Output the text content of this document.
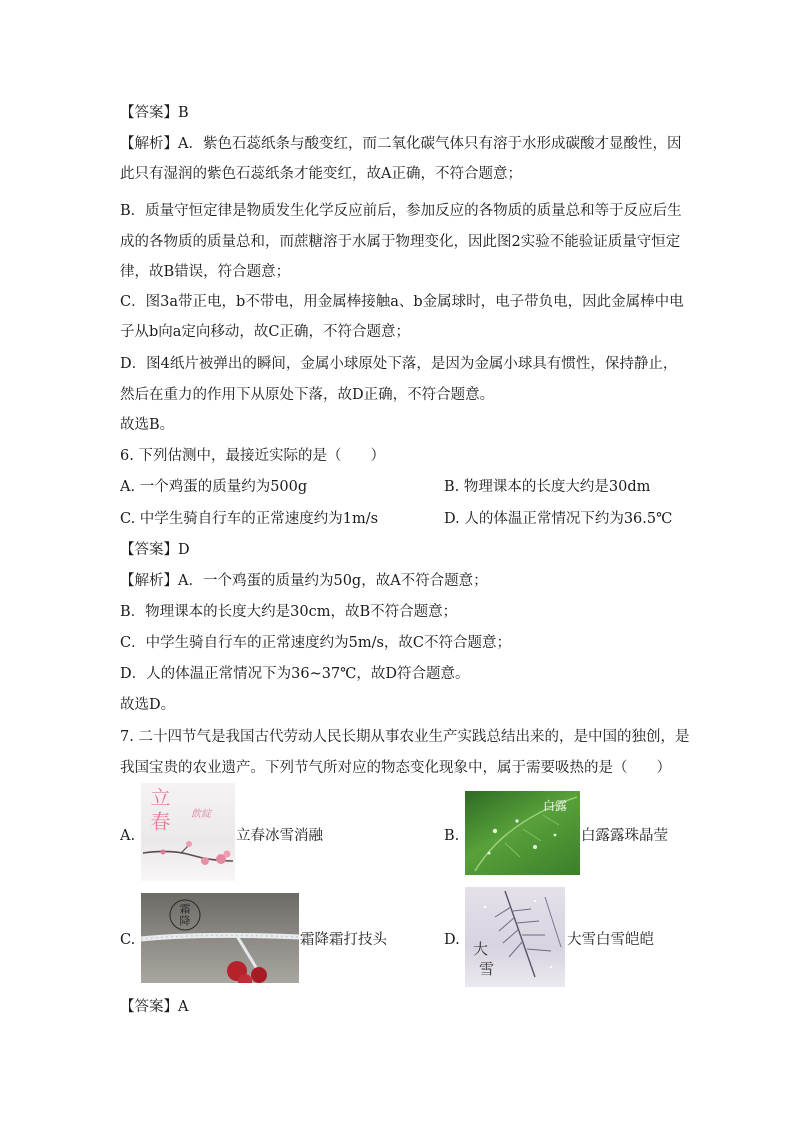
【答案】B
【解析】A．紫色石蕊纸条与酸变红，而二氧化碳气体只有溶于水形成碳酸才显酸性，因
此只有湿润的紫色石蕊纸条才能变红，故A正确，不符合题意；
B．质量守恒定律是物质发生化学反应前后，参加反应的各物质的质量总和等于反应后生
成的各物质的质量总和，而蔗糖溶于水属于物理变化，因此图2实验不能验证质量守恒定
律，故B错误，符合题意；
C．图3a带正电，b不带电，用金属棒接触a、b金属球时，电子带负电，因此金属棒中电
子从b向a定向移动，故C正确，不符合题意；
D．图4纸片被弹出的瞬间，金属小球原处下落，是因为金属小球具有惯性，保持静止，
然后在重力的作用下从原处下落，故D正确，不符合题意。
故选B。
6. 下列估测中，最接近实际的是（　　）
A. 一个鸡蛋的质量约为500g	B. 物理课本的长度大约是30dm
C. 中学生骑自行车的正常速度约为1m/s	D. 人的体温正常情况下约为36.5℃
【答案】D
【解析】A．一个鸡蛋的质量约为50g，故A不符合题意；
B．物理课本的长度大约是30cm，故B不符合题意；
C．中学生骑自行车的正常速度约为5m/s，故C不符合题意；
D．人的体温正常情况下为36~37℃，故D符合题意。
故选D。
7. 二十四节气是我国古代劳动人民长期从事农业生产实践总结出来的，是中国的独创，是
我国宝贵的农业遗产。下列节气所对应的物态变化现象中，属于需要吸热的是（　　）
A.
立
春 飲綻
立春冰雪消融	B.
白露
白露露珠晶莹
C.
霜
降
霜降霜打技头	D.
大
雪
大雪白雪皑皑
【答案】A
